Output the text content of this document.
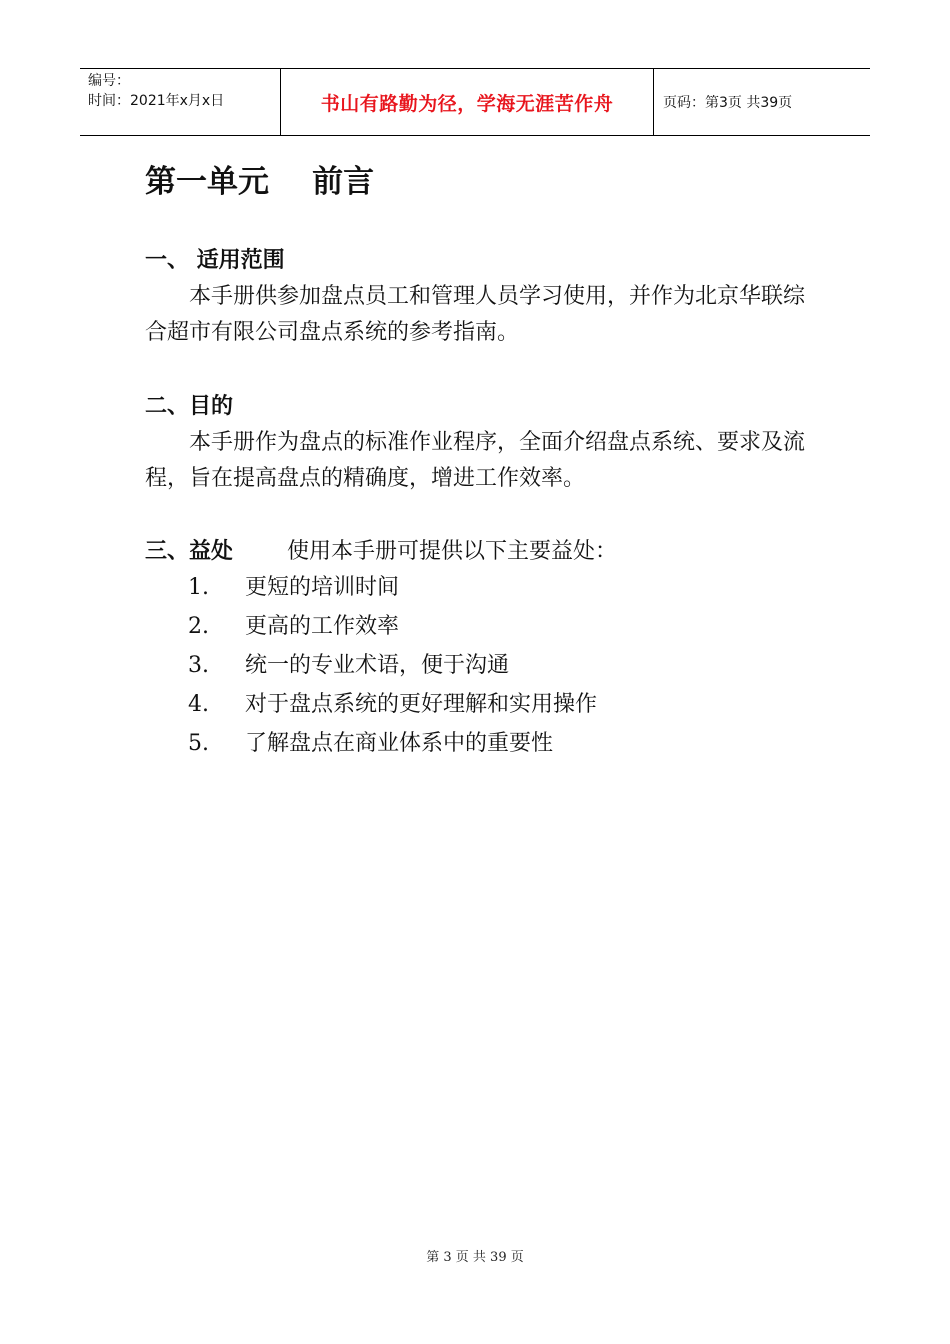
编号：
时间：2021年x月x日	书山有路勤为径，学海无涯苦作舟	页码：第3页 共39页
第一单元    前言
一、 适用范围

本手册供参加盘点员工和管理人员学习使用，并作为北京华联综合超市有限公司盘点系统的参考指南。

二、目的

本手册作为盘点的标准作业程序，全面介绍盘点系统、要求及流程，旨在提高盘点的精确度，增进工作效率。

三、益处 使用本手册可提供以下主要益处：
1.	更短的培训时间
2.	更高的工作效率
3.	统一的专业术语，便于沟通
4.	对于盘点系统的更好理解和实用操作
5.	了解盘点在商业体系中的重要性
第 3 页 共 39 页
